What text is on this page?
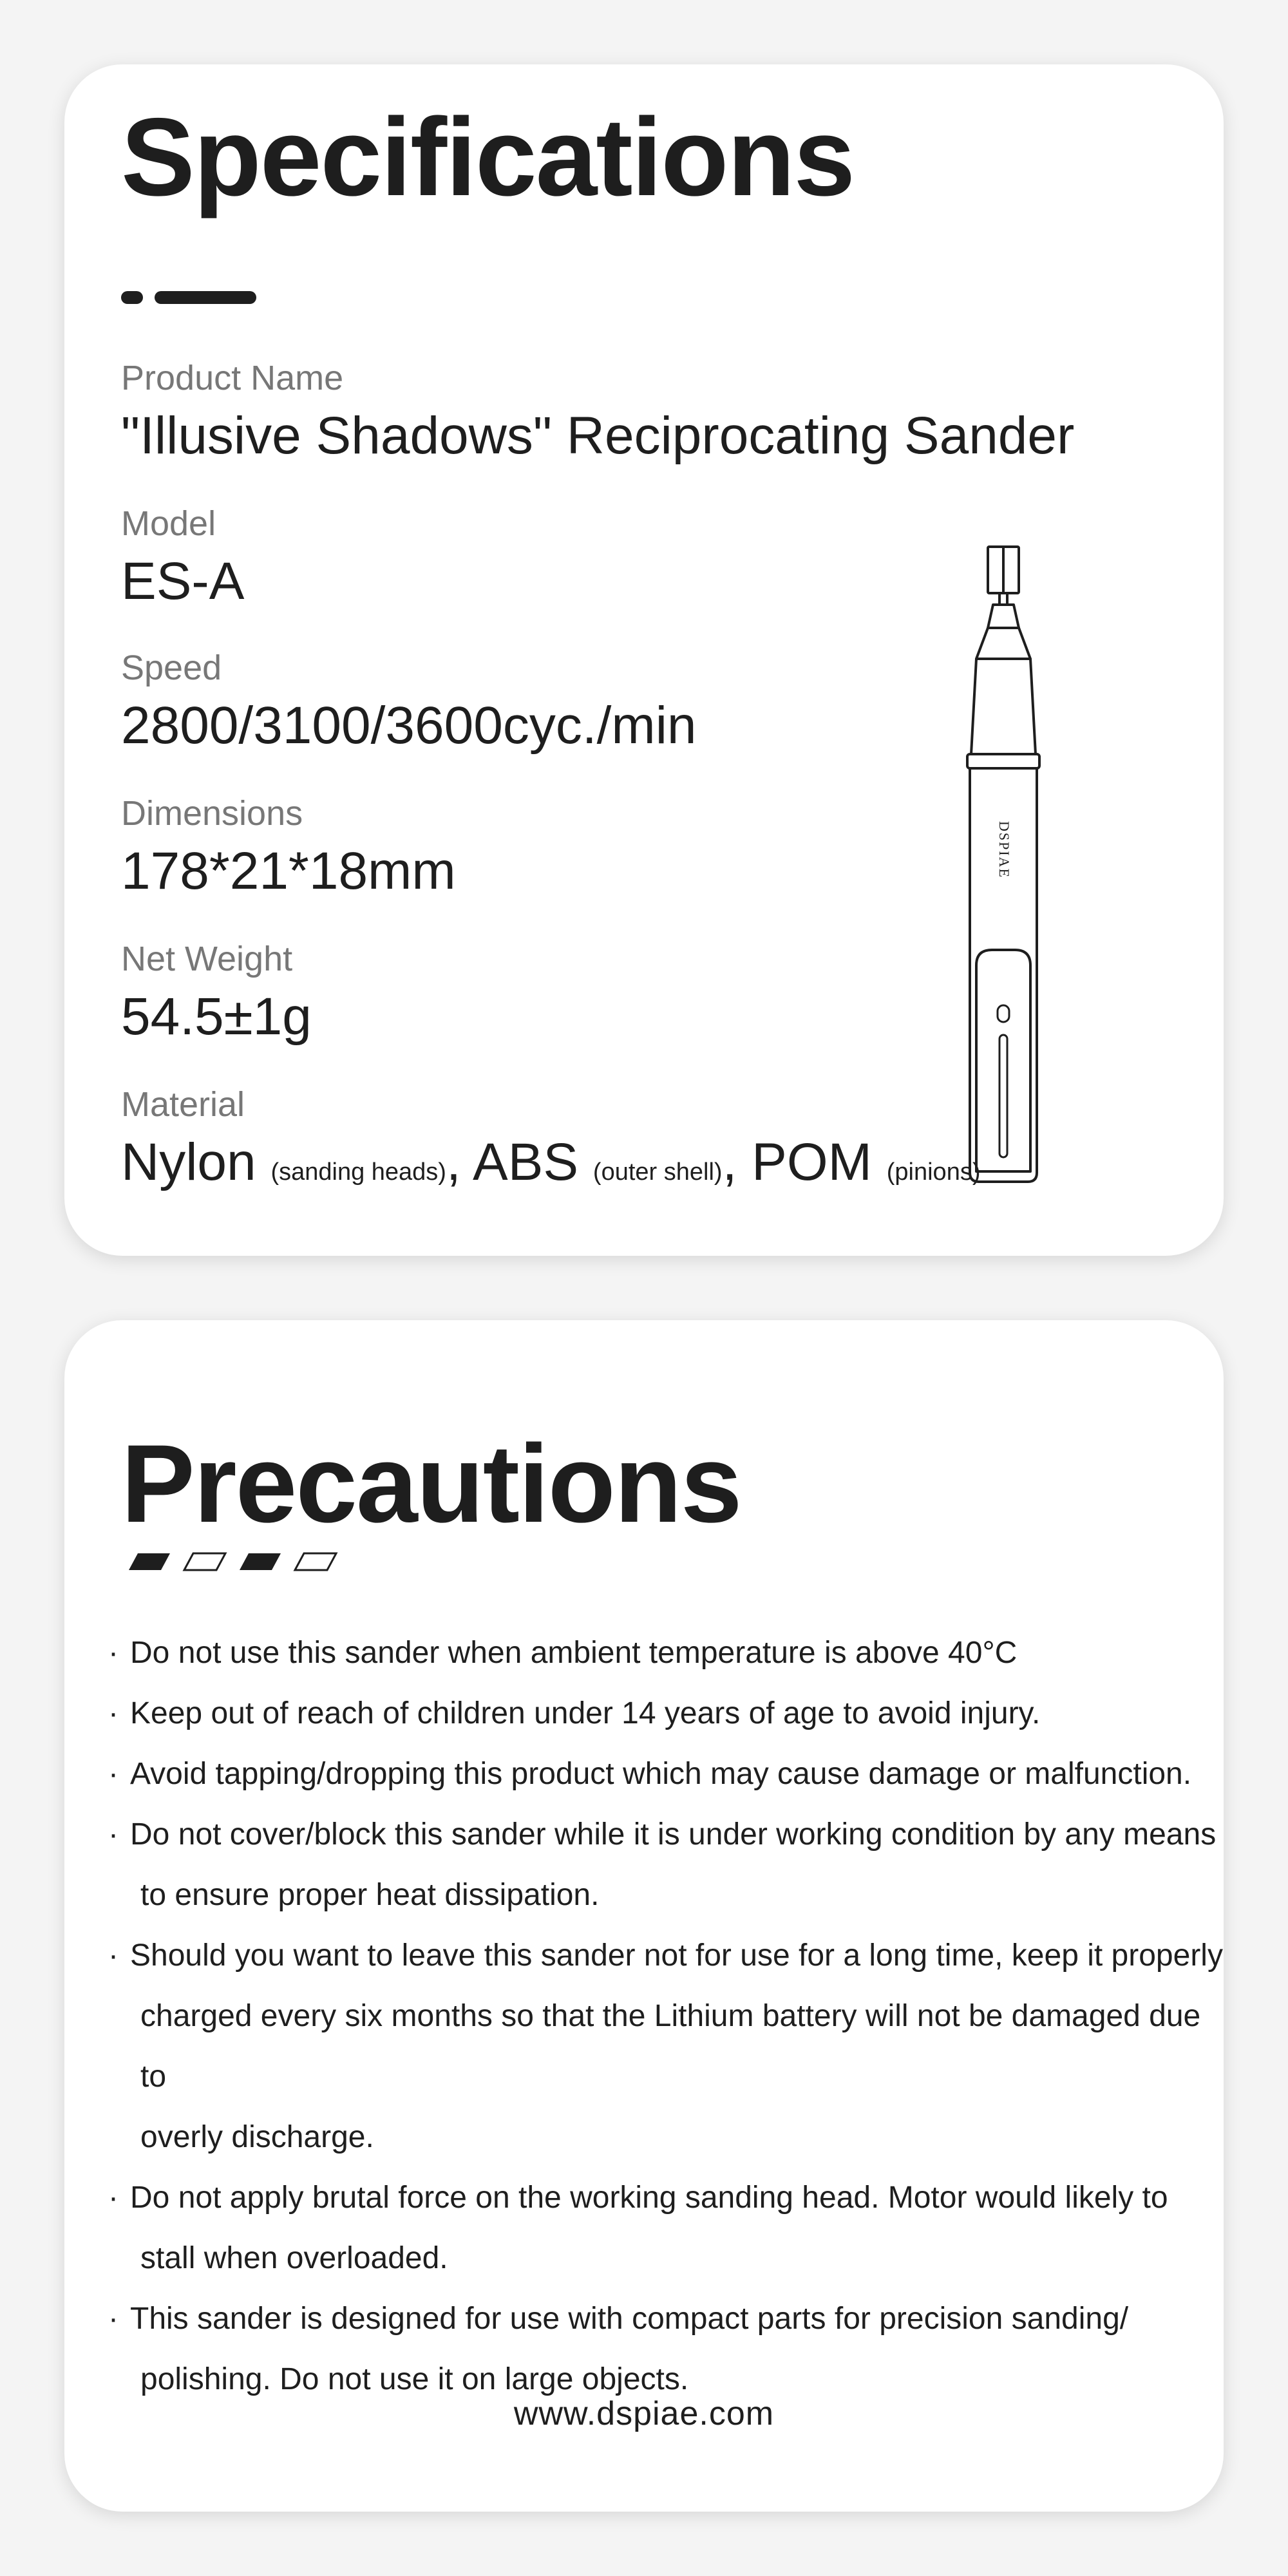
Specifications

Product Name

"Illusive Shadows" Reciprocating Sander

Model

ES-A

Speed

2800/3100/3600cyc./min

Dimensions

178*21*18mm

Net Weight

54.5±1g

Material

Nylon (sanding heads), ABS (outer shell), POM (pinions)

DSPIAE
Precautions
· Do not use this sander when ambient temperature is above 40°C
· Keep out of reach of children under 14 years of age to avoid injury.
· Avoid tapping/dropping this product which may cause damage or malfunction.
· Do not cover/block this sander while it is under working condition by any means
to ensure proper heat dissipation.
· Should you want to leave this sander not for use for a long time, keep it properly
charged every six months so that the Lithium battery will not be damaged due to
overly discharge.
· Do not apply brutal force on the working sanding head. Motor would likely to
stall when overloaded.
· This sander is designed for use with compact parts for precision sanding/
polishing. Do not use it on large objects.
www.dspiae.com
